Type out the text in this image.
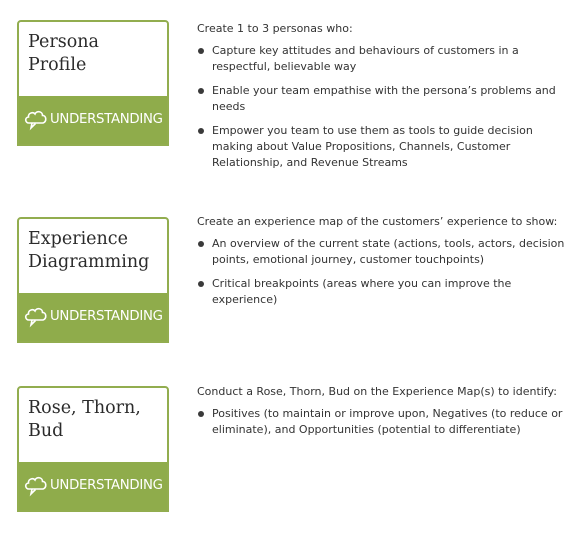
Persona Profile
UNDERSTANDING

Create 1 to 3 personas who:

Capture key attitudes and behaviours of customers in a respectful, believable way
Enable your team empathise with the persona’s problems and needs
Empower you team to use them as tools to guide decision making about Value Propositions, Channels, Customer Relationship, and Revenue Streams
Experience Diagramming
UNDERSTANDING

Create an experience map of the customers’ experience to show:

An overview of the current state (actions, tools, actors, decision points, emotional journey, customer touchpoints)
Critical breakpoints (areas where you can improve the experience)
Rose, Thorn, Bud
UNDERSTANDING

Conduct a Rose, Thorn, Bud on the Experience Map(s) to identify:

Positives (to maintain or improve upon, Negatives (to reduce or eliminate), and Opportunities (potential to differentiate)
